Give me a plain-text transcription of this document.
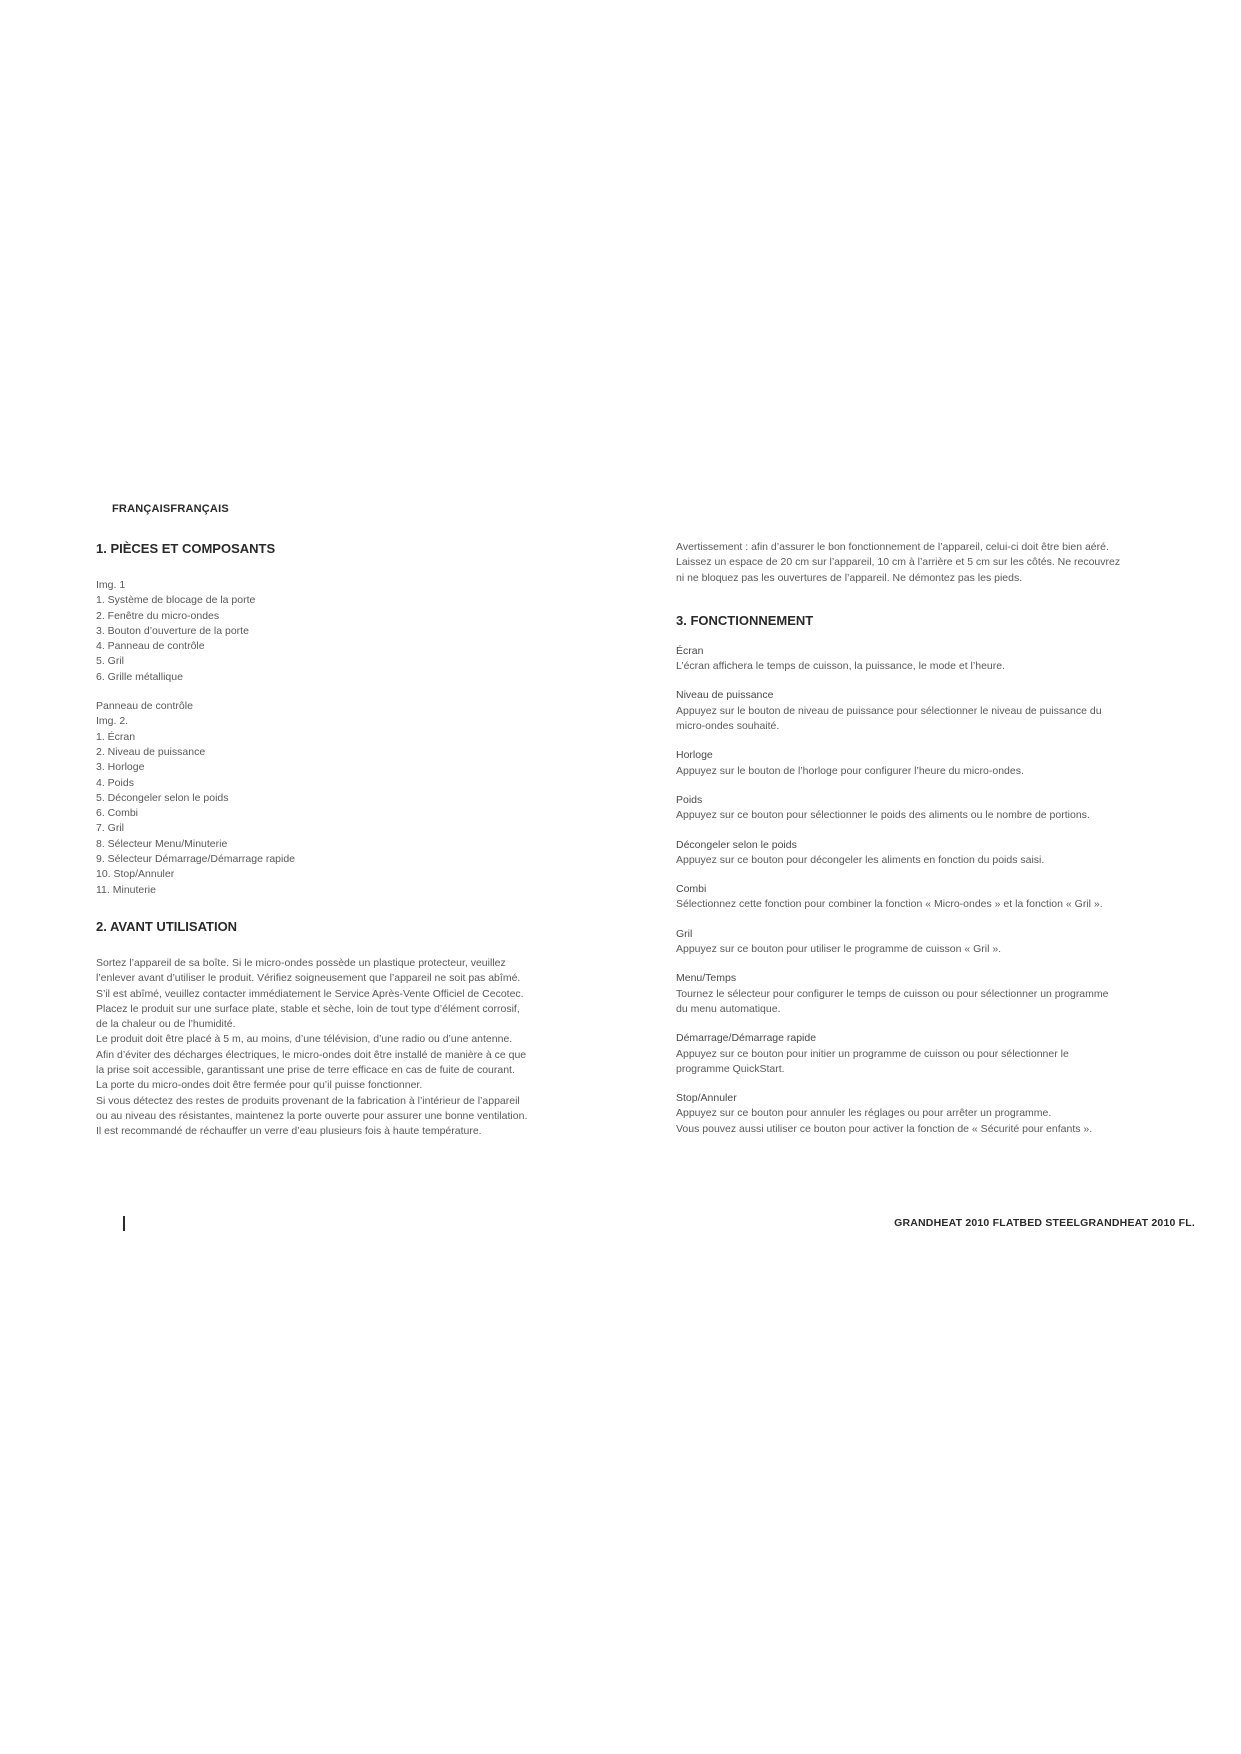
FRANÇAISFRANÇAIS
1. PIÈCES ET COMPOSANTS

Img. 1

1. Système de blocage de la porte
2. Fenêtre du micro-ondes
3. Bouton d’ouverture de la porte
4. Panneau de contrôle
5. Gril
6. Grille métallique

Panneau de contrôle

Img. 2.

1. Écran
2. Niveau de puissance
3. Horloge
4. Poids
5. Décongeler selon le poids
6. Combi
7. Gril
8. Sélecteur Menu/Minuterie
9. Sélecteur Démarrage/Démarrage rapide
10. Stop/Annuler
11. Minuterie
2. AVANT UTILISATION

Sortez l’appareil de sa boîte. Si le micro-ondes possède un plastique protecteur, veuillez

l’enlever avant d’utiliser le produit. Vérifiez soigneusement que l’appareil ne soit pas abîmé.

S’il est abîmé, veuillez contacter immédiatement le Service Après-Vente Officiel de Cecotec.

Placez le produit sur une surface plate, stable et sèche, loin de tout type d’élément corrosif,

de la chaleur ou de l’humidité.

Le produit doit être placé à 5 m, au moins, d’une télévision, d’une radio ou d’une antenne.

Afin d’éviter des décharges électriques, le micro-ondes doit être installé de manière à ce que

la prise soit accessible, garantissant une prise de terre efficace en cas de fuite de courant.

La porte du micro-ondes doit être fermée pour qu’il puisse fonctionner.

Si vous détectez des restes de produits provenant de la fabrication à l’intérieur de l’appareil

ou au niveau des résistantes, maintenez la porte ouverte pour assurer une bonne ventilation.

Il est recommandé de réchauffer un verre d’eau plusieurs fois à haute température.

Avertissement : afin d’assurer le bon fonctionnement de l’appareil, celui-ci doit être bien aéré.

Laissez un espace de 20 cm sur l’appareil, 10 cm à l’arrière et 5 cm sur les côtés. Ne recouvrez

ni ne bloquez pas les ouvertures de l’appareil. Ne démontez pas les pieds.

3. FONCTIONNEMENT

Écran

L’écran affichera le temps de cuisson, la puissance, le mode et l’heure.

Niveau de puissance

Appuyez sur le bouton de niveau de puissance pour sélectionner le niveau de puissance du

micro-ondes souhaité.

Horloge

Appuyez sur le bouton de l’horloge pour configurer l’heure du micro-ondes.

Poids

Appuyez sur ce bouton pour sélectionner le poids des aliments ou le nombre de portions.

Décongeler selon le poids

Appuyez sur ce bouton pour décongeler les aliments en fonction du poids saisi.

Combi

Sélectionnez cette fonction pour combiner la fonction « Micro-ondes » et la fonction « Gril ».

Gril

Appuyez sur ce bouton pour utiliser le programme de cuisson « Gril ».

Menu/Temps

Tournez le sélecteur pour configurer le temps de cuisson ou pour sélectionner un programme

du menu automatique.

Démarrage/Démarrage rapide

Appuyez sur ce bouton pour initier un programme de cuisson ou pour sélectionner le

programme QuickStart.

Stop/Annuler

Appuyez sur ce bouton pour annuler les réglages ou pour arrêter un programme.

Vous pouvez aussi utiliser ce bouton pour activer la fonction de « Sécurité pour enfants ».

GRANDHEAT 2010 FLATBED STEELGRANDHEAT 2010 FL.
